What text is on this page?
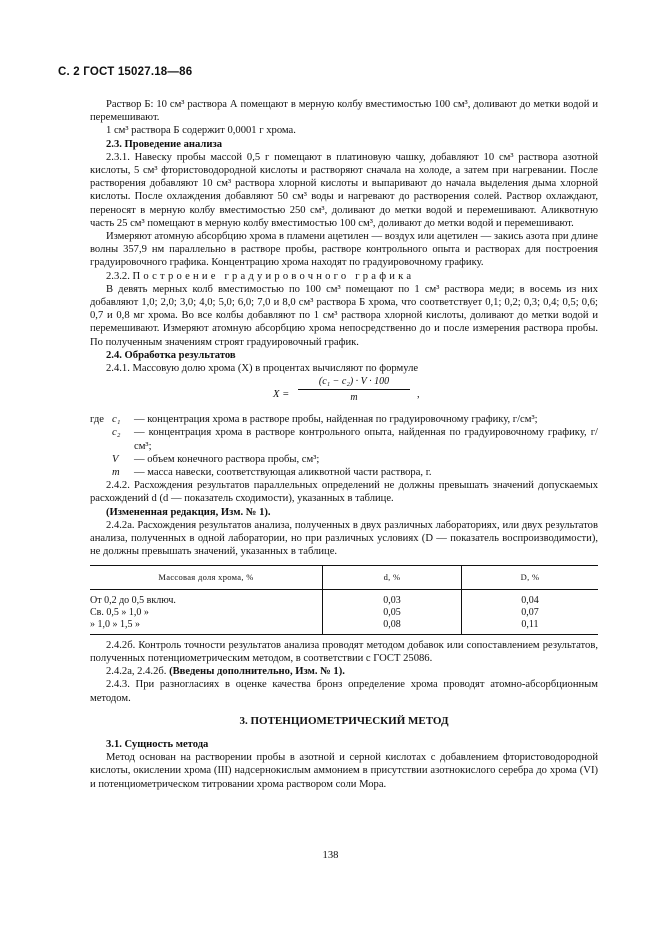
С. 2 ГОСТ 15027.18—86

Раствор Б: 10 см³ раствора А помещают в мерную колбу вместимостью 100 см³, доливают до метки водой и перемешивают.

1 см³ раствора Б содержит 0,0001 г хрома.

2.3. Проведение анализа

2.3.1. Навеску пробы массой 0,5 г помещают в платиновую чашку, добавляют 10 см³ раствора азотной кислоты, 5 см³ фтористоводородной кислоты и растворяют сначала на холоде, а затем при нагревании. После растворения добавляют 10 см³ раствора хлорной кислоты и выпаривают до начала выделения дыма хлорной кислоты. После охлаждения добавляют 50 см³ воды и нагревают до растворения солей. Раствор охлаждают, переносят в мерную колбу вместимостью 250 см³, доливают до метки водой и перемешивают. Аликвотную часть 25 см³ помещают в мерную колбу вместимостью 100 см³, доливают до метки водой и перемешивают.

Измеряют атомную абсорбцию хрома в пламени ацетилен — воздух или ацетилен — закись азота при длине волны 357,9 нм параллельно в растворе пробы, растворе контрольного опыта и растворах для построения градуировочного графика. Концентрацию хрома находят по градуировочному графику.

2.3.2. Построение градуировочного графика

В девять мерных колб вместимостью по 100 см³ помещают по 1 см³ раствора меди; в восемь из них добавляют 1,0; 2,0; 3,0; 4,0; 5,0; 6,0; 7,0 и 8,0 см³ раствора Б хрома, что соответствует 0,1; 0,2; 0,3; 0,4; 0,5; 0,6; 0,7 и 0,8 мг хрома. Во все колбы добавляют по 1 см³ раствора хлорной кислоты, доливают до метки водой и перемешивают. Измеряют атомную абсорбцию хрома непосредственно до и после измерения раствора пробы. По полученным значениям строят градуировочный график.

2.4. Обработка результатов

2.4.1. Массовую долю хрома (X) в процентах вычисляют по формуле

$X = \frac{\text{(c₁ − c₂) · V · 100}}{m}$ ,
где c₁	— концентрация хрома в растворе пробы, найденная по градуировочному графику, г/см³;
c₂	— концентрация хрома в растворе контрольного опыта, найденная по градуировочному графику, г/см³;
V	— объем конечного раствора пробы, см³;
m	— масса навески, соответствующая аликвотной части раствора, г.

2.4.2. Расхождения результатов параллельных определений не должны превышать значений допускаемых расхождений d (d — показатель сходимости), указанных в таблице.

(Измененная редакция, Изм. № 1).

2.4.2а. Расхождения результатов анализа, полученных в двух различных лабораториях, или двух результатов анализа, полученных в одной лаборатории, но при различных условиях (D — показатель воспроизводимости), не должны превышать значений, указанных в таблице.

Массовая доля хрома, %	d, %	D, %
От 0,2 до 0,5 включ.	0,03	0,04
Св. 0,5 » 1,0 »	0,05	0,07
» 1,0 » 1,5 »	0,08	0,11

2.4.2б. Контроль точности результатов анализа проводят методом добавок или сопоставлением результатов, полученных потенциометрическим методом, в соответствии с ГОСТ 25086.

2.4.2а, 2.4.2б. (Введены дополнительно, Изм. № 1).

2.4.3. При разногласиях в оценке качества бронз определение хрома проводят атомно-абсорбционным методом.

3. ПОТЕНЦИОМЕТРИЧЕСКИЙ МЕТОД

3.1. Сущность метода

Метод основан на растворении пробы в азотной и серной кислотах с добавлением фтористоводородной кислоты, окислении хрома (III) надсернокислым аммонием в присутствии азотнокислого серебра до хрома (VI) и потенциометрическом титровании хрома раствором соли Мора.

138
